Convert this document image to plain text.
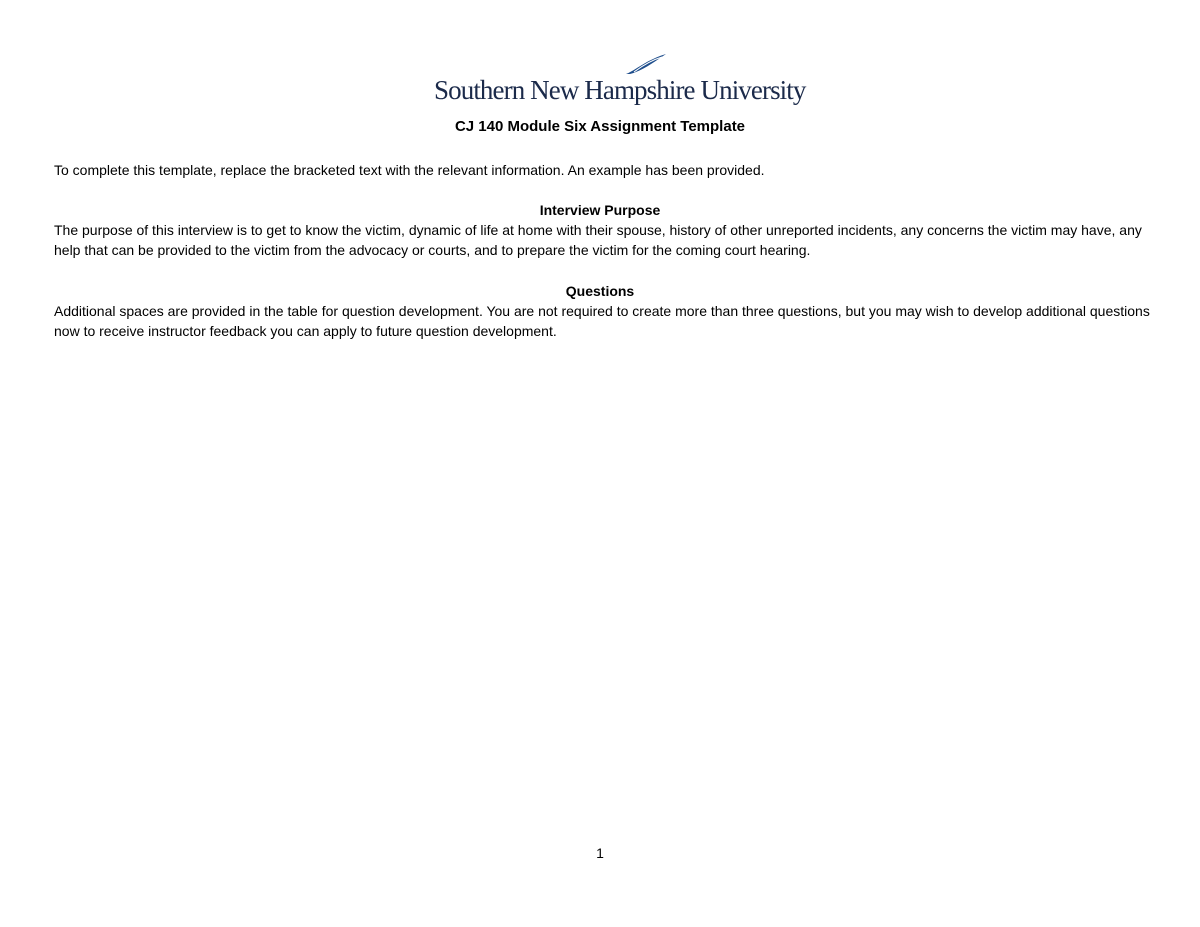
Southern New Hampshire University
CJ 140 Module Six Assignment Template
To complete this template, replace the bracketed text with the relevant information. An example has been provided.
Interview Purpose
The purpose of this interview is to get to know the victim, dynamic of life at home with their spouse, history of other unreported incidents, any concerns the victim may have, any help that can be provided to the victim from the advocacy or courts, and to prepare the victim for the coming court hearing.
Questions
Additional spaces are provided in the table for question development. You are not required to create more than three questions, but you may wish to develop additional questions now to receive instructor feedback you can apply to future question development.
1
